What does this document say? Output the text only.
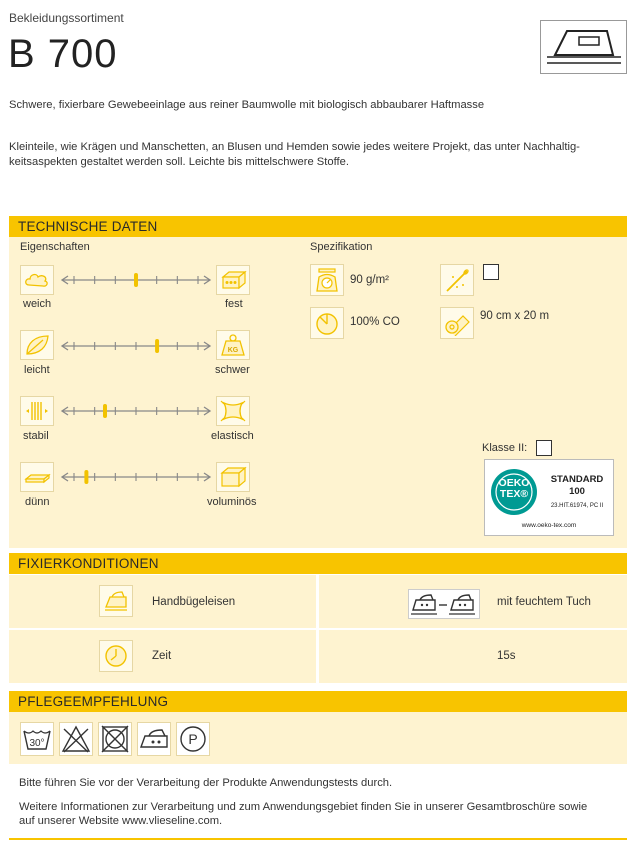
Bekleidungssortiment
B 700
Schwere, fixierbare Gewebeeinlage aus reiner Baumwolle mit biologisch abbaubarer Haftmasse
Kleinteile, wie Krägen und Manschetten, an Blusen und Hemden sowie jedes weitere Projekt, das unter Nachhaltig-
keitsaspekten gestaltet werden soll. Leichte bis mittelschwere Stoffe.
TECHNISCHE DATEN
Eigenschaften	Spezifikation
KG
weich	fest
leicht	schwer
stabil	elastisch
dünn	voluminös
90 g/m²
100% CO	90 cm x 20 m
Klasse II:
OEKO
TEX®
STANDARD
100
23.HIT.61974, PC II
www.oeko-tex.com
FIXIERKONDITIONEN
Handbügeleisen	mit feuchtem Tuch
Zeit	15s
PFLEGEEMPFEHLUNG
30°	P
Bitte führen Sie vor der Verarbeitung der Produkte Anwendungstests durch.
Weitere Informationen zur Verarbeitung und zum Anwendungsgebiet finden Sie in unserer Gesamtbroschüre sowie
auf unserer Website www.vlieseline.com.
